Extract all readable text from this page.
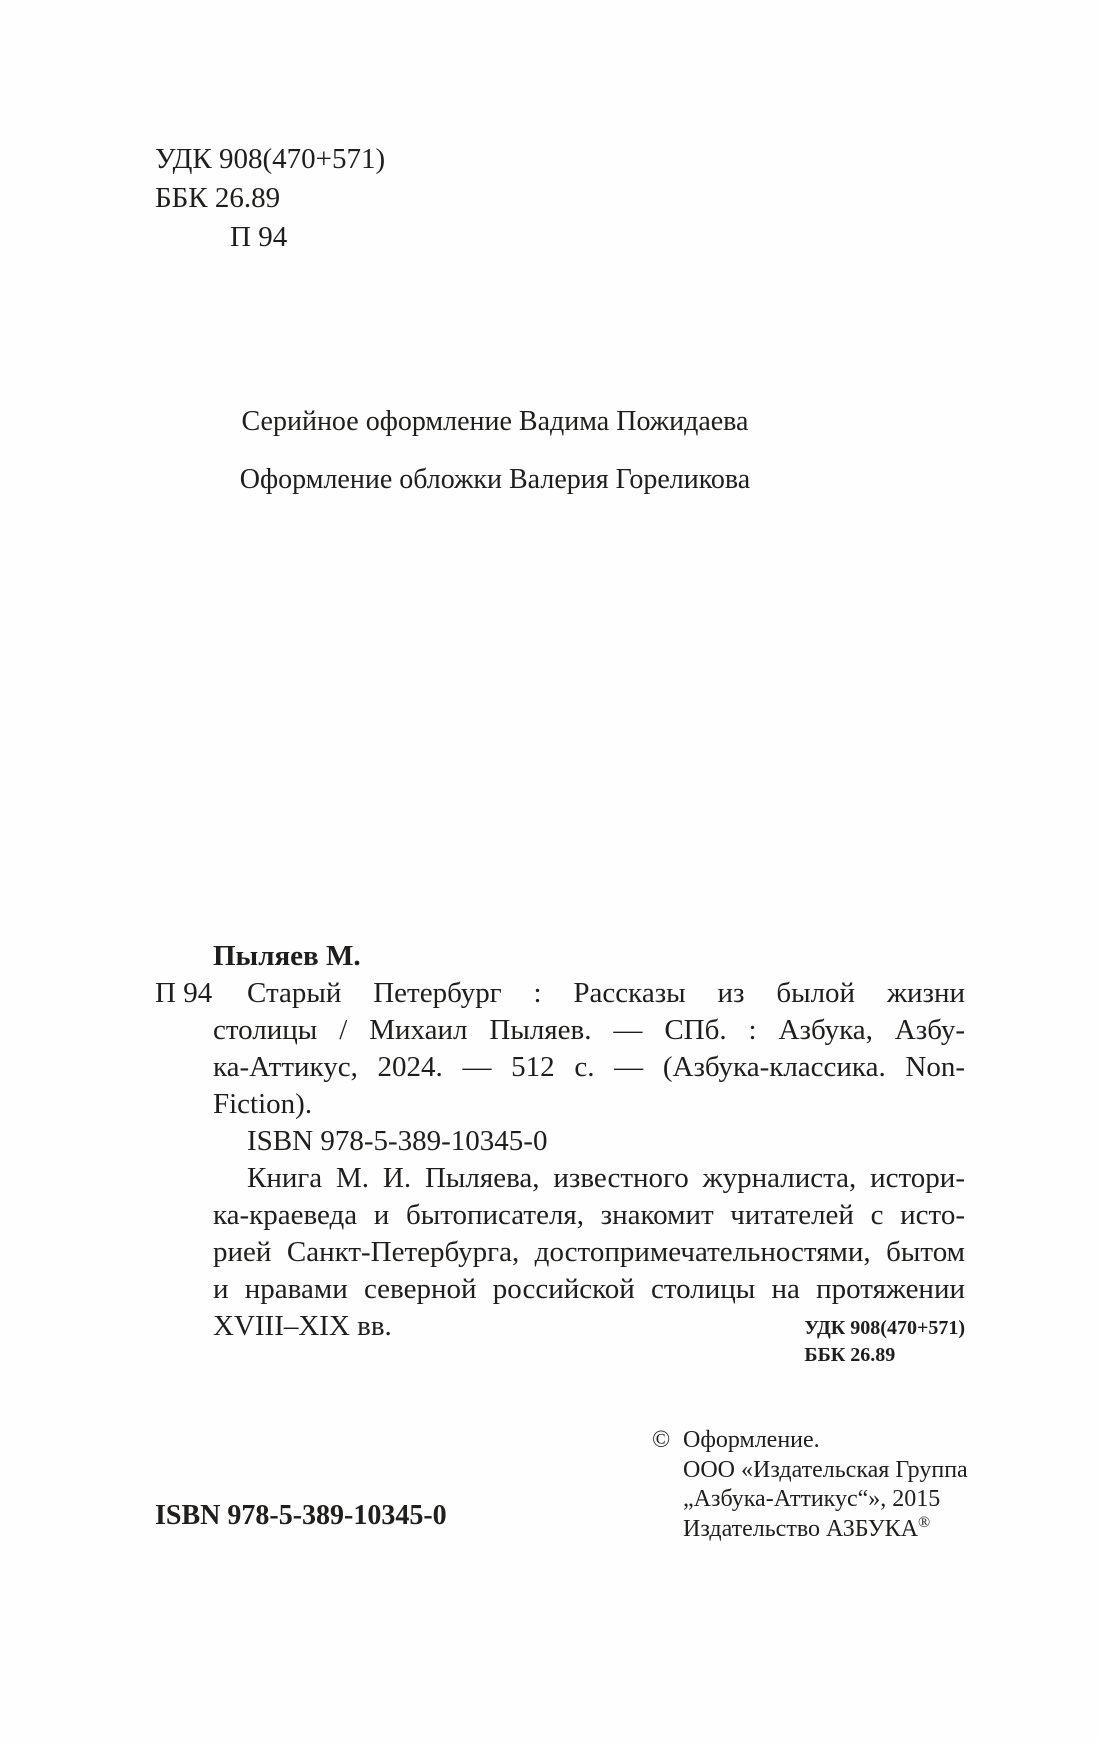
УДК 908(470+571)
ББК 26.89
П 94
Серийное оформление Вадима Пожидаева
Оформление обложки Валерия Гореликова
Пыляев М.
П 94	Старый Петербург : Рассказы из былой жизни
столицы / Михаил Пыляев. — СПб. : Азбука, Азбу-
ка-Аттикус, 2024. — 512 с. — (Азбука-классика. Non-
Fiction).
ISBN 978-5-389-10345-0
Книга М. И. Пыляева, известного журналиста, истори-
ка-краеведа и бытописателя, знакомит читателей с исто-
рией Санкт-Петербурга, достопримечательностями, бытом
и нравами северной российской столицы на протяжении
XVIII–XIX вв.	УДК 908(470+571)
ББК 26.89
© Оформление.
ООО «Издательская Группа
„Азбука-Аттикус“», 2015
Издательство АЗБУКА®
ISBN 978-5-389-10345-0
